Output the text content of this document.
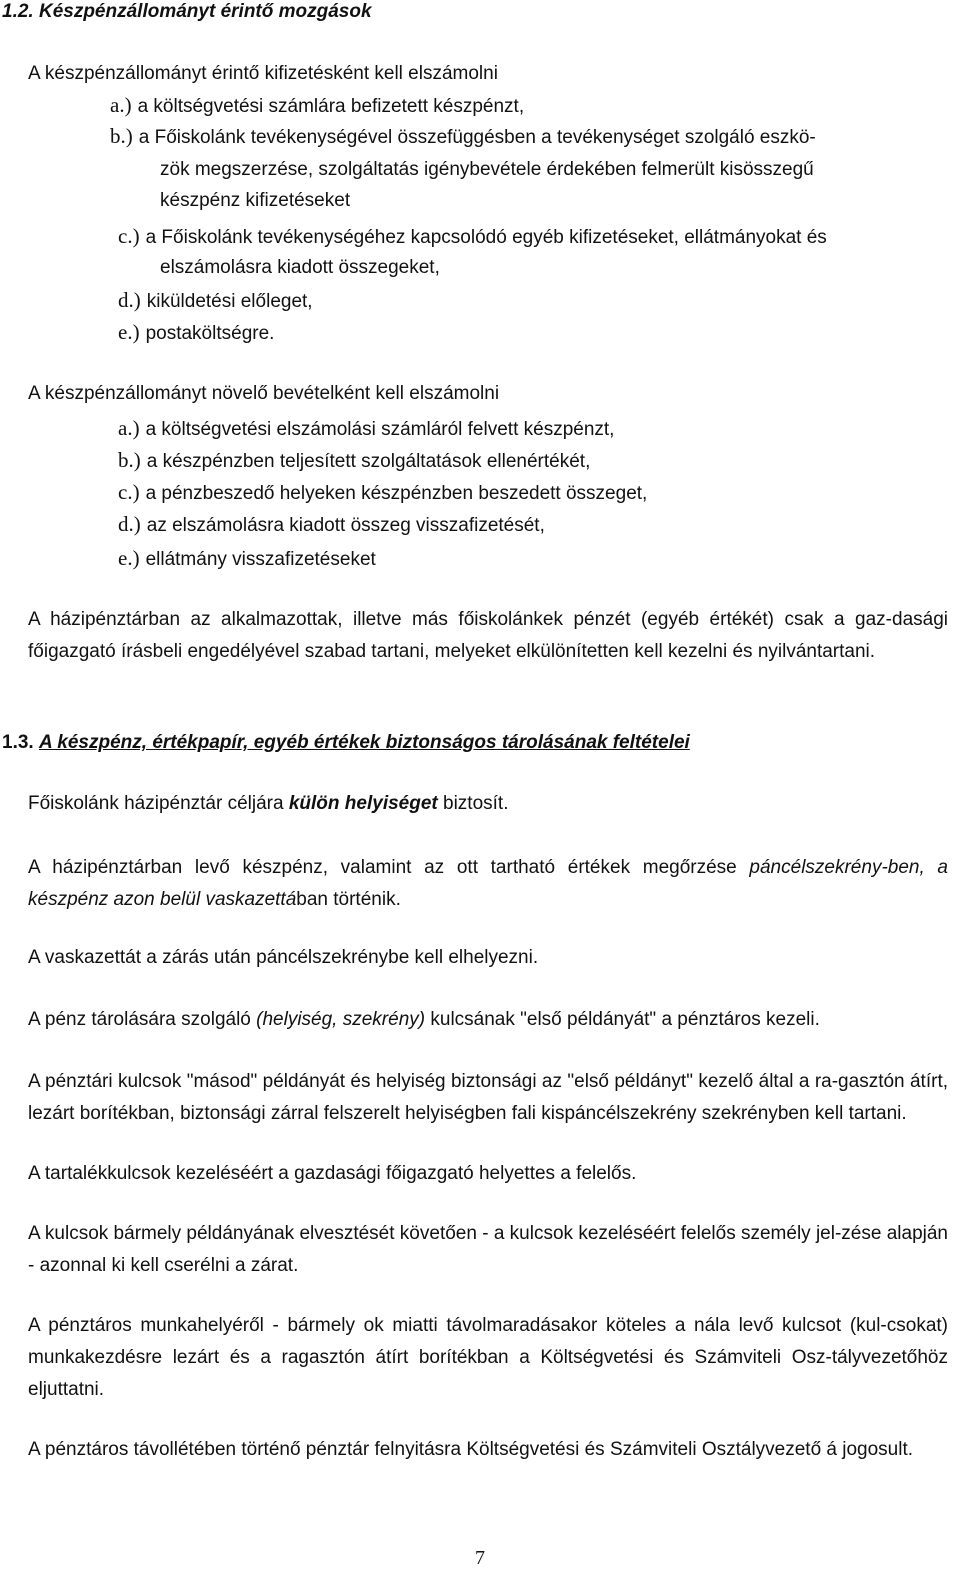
1.2. Készpénzállományt érintő mozgások

A készpénzállományt érintő kifizetésként kell elszámolni

a.) a költségvetési számlára befizetett készpénzt,

b.) a Főiskolánk tevékenységével összefüggésben a tevékenységet szolgáló eszkö-

zök megszerzése, szolgáltatás igénybevétele érdekében felmerült kisösszegű

készpénz kifizetéseket

c.) a Főiskolánk tevékenységéhez kapcsolódó egyéb kifizetéseket, ellátmányokat és

elszámolásra kiadott összegeket,

d.) kiküldetési előleget,

e.) postaköltségre.

A készpénzállományt növelő bevételként kell elszámolni

a.) a költségvetési elszámolási számláról felvett készpénzt,

b.) a készpénzben teljesített szolgáltatások ellenértékét,

c.) a pénzbeszedő helyeken készpénzben beszedett összeget,

d.) az elszámolásra kiadott összeg visszafizetését,

e.) ellátmány visszafizetéseket

A házipénztárban az alkalmazottak, illetve más főiskolánkek pénzét (egyéb értékét) csak a gaz-dasági főigazgató írásbeli engedélyével szabad tartani, melyeket elkülönítetten kell kezelni és nyilvántartani.

1.3. A készpénz, értékpapír, egyéb értékek biztonságos tárolásának feltételei

Főiskolánk házipénztár céljára külön helyiséget biztosít.

A házipénztárban levő készpénz, valamint az ott tartható értékek megőrzése páncélszekrény-ben, a készpénz azon belül vaskazettában történik.

A vaskazettát a zárás után páncélszekrénybe kell elhelyezni.

A pénz tárolására szolgáló (helyiség, szekrény) kulcsának "első példányát" a pénztáros kezeli.

A pénztári kulcsok "másod" példányát és helyiség biztonsági az "első példányt" kezelő által a ra-gasztón átírt, lezárt borítékban, biztonsági zárral felszerelt helyiségben fali kispáncélszekrény szekrényben kell tartani.

A tartalékkulcsok kezeléséért a gazdasági főigazgató helyettes a felelős.

A kulcsok bármely példányának elvesztését követően - a kulcsok kezeléséért felelős személy jel-zése alapján - azonnal ki kell cserélni a zárat.

A pénztáros munkahelyéről - bármely ok miatti távolmaradásakor köteles a nála levő kulcsot (kul-csokat) munkakezdésre lezárt és a ragasztón átírt borítékban a Költségvetési és Számviteli Osz-tályvezetőhöz eljuttatni.

A pénztáros távollétében történő pénztár felnyitásra Költségvetési és Számviteli Osztályvezető á jogosult.

7
